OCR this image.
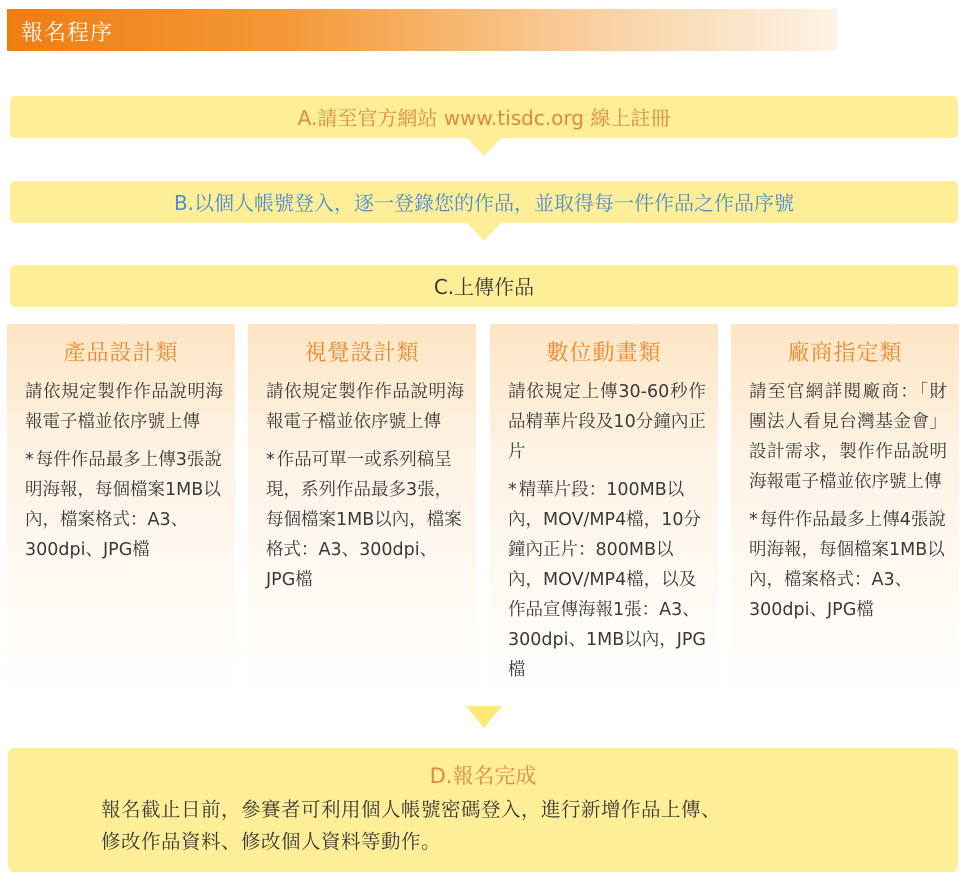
報名程序
A.請至官方網站 www.tisdc.org 線上註冊
B.以個人帳號登入，逐一登錄您的作品，並取得每一件作品之作品序號
C.上傳作品
產品設計類
請依規定製作作品說明海報電子檔並依序號上傳
* 每件作品最多上傳3張說明海報，每個檔案1MB以內，檔案格式：A3、300dpi、JPG檔
視覺設計類
請依規定製作作品說明海報電子檔並依序號上傳
* 作品可單一或系列稿呈現，系列作品最多3張，每個檔案1MB以內，檔案格式：A3、300dpi、JPG檔
數位動畫類
請依規定上傳30-60秒作品精華片段及10分鐘內正片
* 精華片段：100MB以內，MOV/MP4檔，10分鐘內正片：800MB以內，MOV/MP4檔，以及作品宣傳海報1張：A3、300dpi、1MB以內，JPG檔
廠商指定類
請至官網詳閱廠商：「財團法人看見台灣基金會」設計需求，製作作品說明海報電子檔並依序號上傳
* 每件作品最多上傳4張說明海報，每個檔案1MB以內，檔案格式：A3、300dpi、JPG檔
D.報名完成
報名截止日前，參賽者可利用個人帳號密碼登入，進行新增作品上傳、
修改作品資料、修改個人資料等動作。
